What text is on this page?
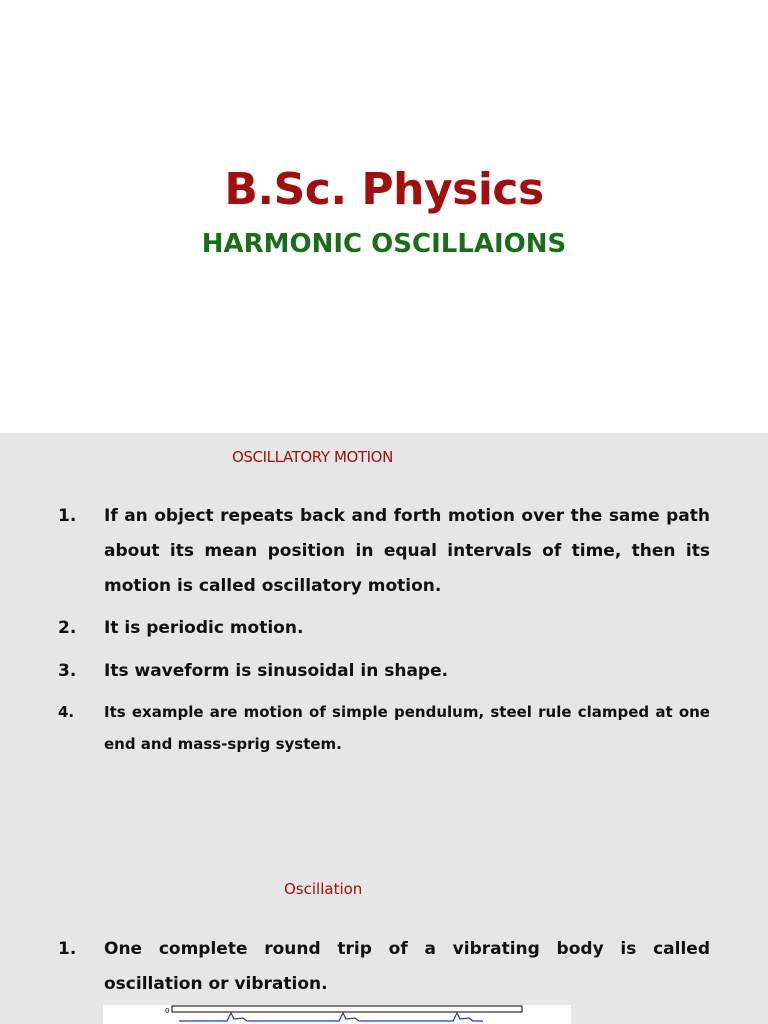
B.Sc. Physics
HARMONIC OSCILLAIONS

OSCILLATORY MOTION

1. If an object repeats back and forth motion over the same path about its mean position in equal intervals of time, then its motion is called oscillatory motion.
2. It is periodic motion.
3. Its waveform is sinusoidal in shape.
4. Its example are motion of simple pendulum, steel rule clamped at one end and mass-sprig system.

Oscillation

1. One complete round trip of a vibrating body is called oscillation or vibration.
0
